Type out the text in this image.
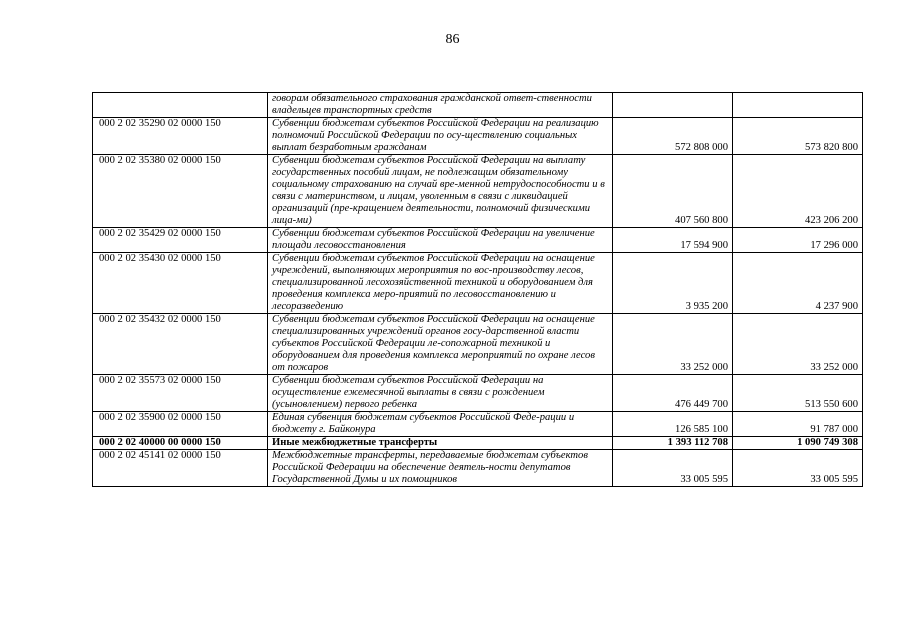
86
	говорам обязательного страхования гражданской ответ-ственности владельцев транспортных средств		
000 2 02 35290 02 0000 150	Субвенции бюджетам субъектов Российской Федерации на реализацию полномочий Российской Федерации по осу-ществлению социальных выплат безработным гражданам	572 808 000	573 820 800
000 2 02 35380 02 0000 150	Субвенции бюджетам субъектов Российской Федерации на выплату государственных пособий лицам, не подлежащим обязательному социальному страхованию на случай вре-менной нетрудоспособности и в связи с материнством, и лицам, уволенным в связи с ликвидацией организаций (пре-кращением деятельности, полномочий физическими лица-ми)	407 560 800	423 206 200
000 2 02 35429 02 0000 150	Субвенции бюджетам субъектов Российской Федерации на увеличение площади лесовосстановления	17 594 900	17 296 000
000 2 02 35430 02 0000 150	Субвенции бюджетам субъектов Российской Федерации на оснащение учреждений, выполняющих мероприятия по вос-производству лесов, специализированной лесохозяйственной техникой и оборудованием для проведения комплекса меро-приятий по лесовосстановлению и лесоразведению	3 935 200	4 237 900
000 2 02 35432 02 0000 150	Субвенции бюджетам субъектов Российской Федерации на оснащение специализированных учреждений органов госу-дарственной власти субъектов Российской Федерации ле-сопожарной техникой и оборудованием для проведения комплекса мероприятий по охране лесов от пожаров	33 252 000	33 252 000
000 2 02 35573 02 0000 150	Субвенции бюджетам субъектов Российской Федерации на осуществление ежемесячной выплаты в связи с рождением (усыновлением) первого ребенка	476 449 700	513 550 600
000 2 02 35900 02 0000 150	Единая субвенция бюджетам субъектов Российской Феде-рации и бюджету г. Байконура	126 585 100	91 787 000
000 2 02 40000 00 0000 150	Иные межбюджетные трансферты	1 393 112 708	1 090 749 308
000 2 02 45141 02 0000 150	Межбюджетные трансферты, передаваемые бюджетам субъектов Российской Федерации на обеспечение деятель-ности депутатов Государственной Думы и их помощников	33 005 595	33 005 595
